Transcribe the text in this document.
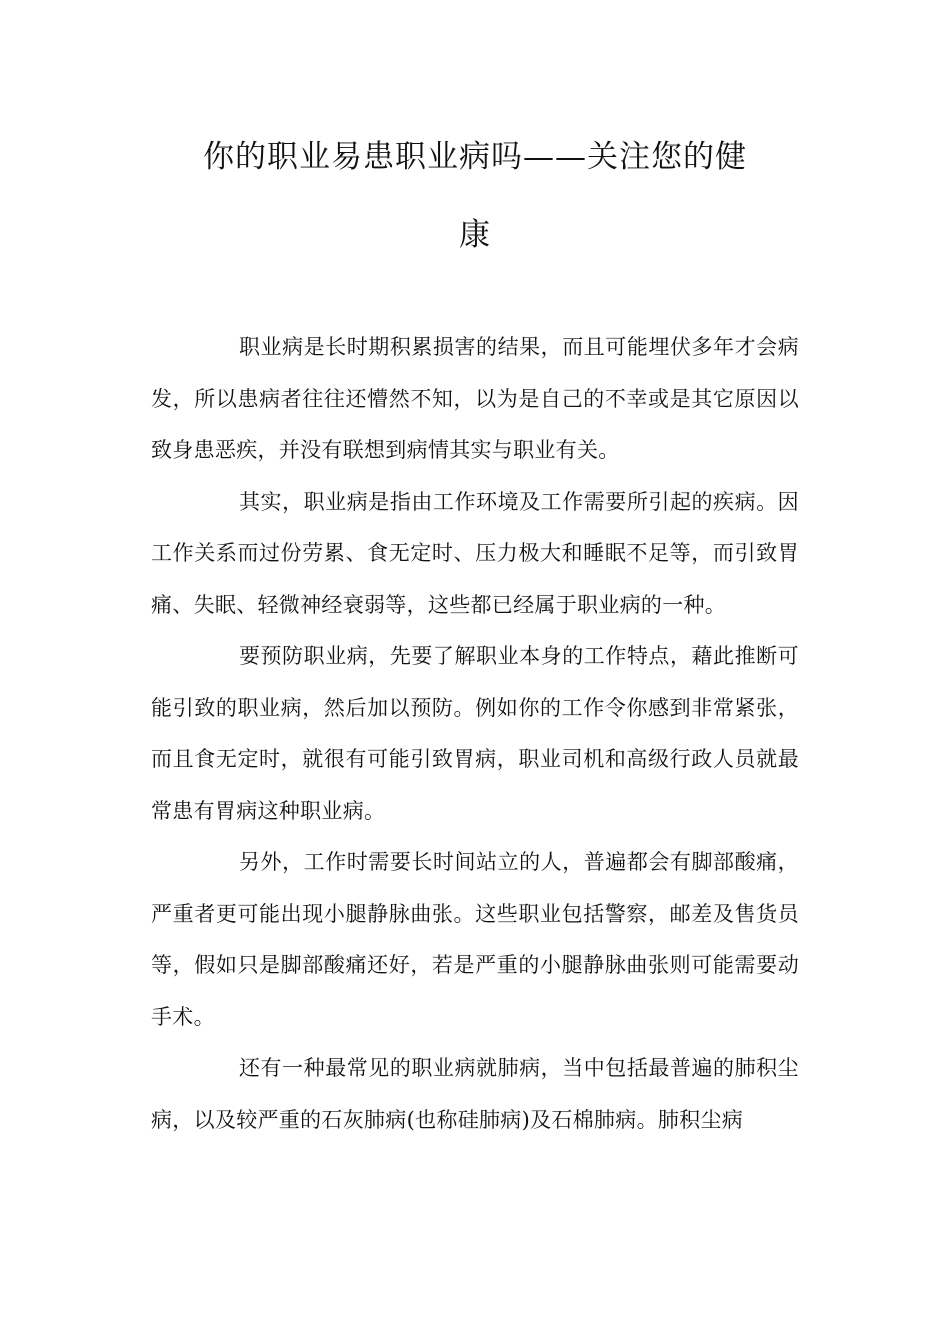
你的职业易患职业病吗——关注您的健
康

职业病是长时期积累损害的结果，而且可能埋伏多年才会病发，所以患病者往往还懵然不知，以为是自己的不幸或是其它原因以致身患恶疾，并没有联想到病情其实与职业有关。

其实，职业病是指由工作环境及工作需要所引起的疾病。因工作关系而过份劳累、食无定时、压力极大和睡眠不足等，而引致胃痛、失眠、轻微神经衰弱等，这些都已经属于职业病的一种。

要预防职业病，先要了解职业本身的工作特点，藉此推断可能引致的职业病，然后加以预防。例如你的工作令你感到非常紧张，而且食无定时，就很有可能引致胃病，职业司机和高级行政人员就最常患有胃病这种职业病。

另外，工作时需要长时间站立的人，普遍都会有脚部酸痛，严重者更可能出现小腿静脉曲张。这些职业包括警察，邮差及售货员等，假如只是脚部酸痛还好，若是严重的小腿静脉曲张则可能需要动手术。

还有一种最常见的职业病就肺病，当中包括最普遍的肺积尘病，以及较严重的石灰肺病(也称硅肺病)及石棉肺病。肺积尘病
